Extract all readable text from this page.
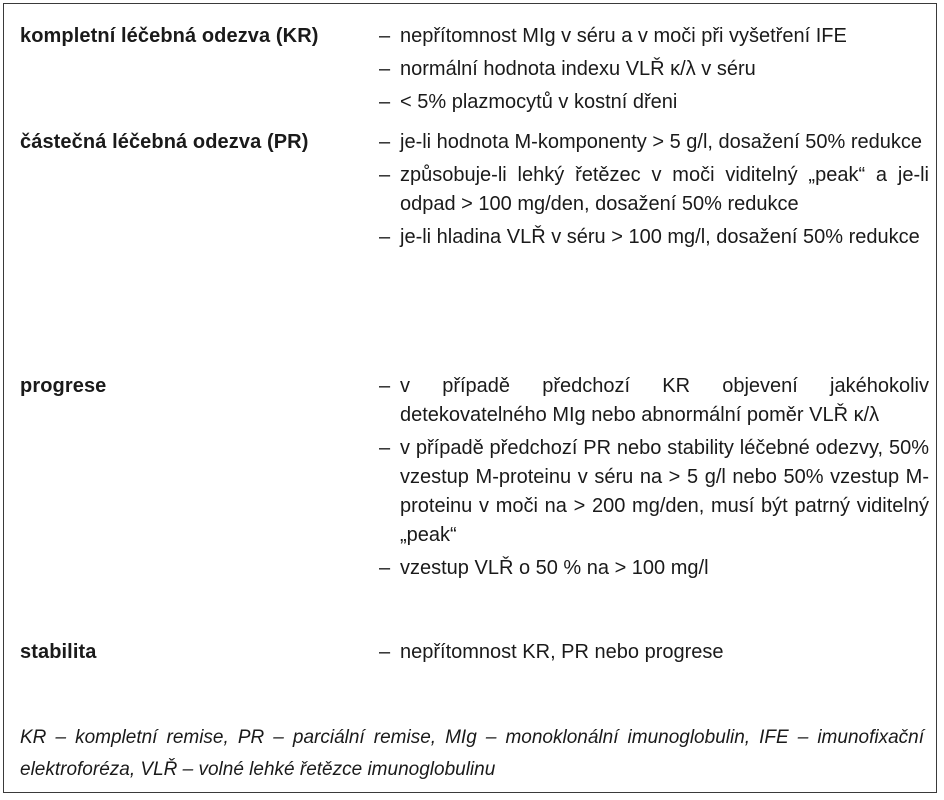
kompletní léčebná odezva (KR)	– nepřítomnost MIg v séru a v moči při vyšetření IFE
– normální hodnota indexu VLŘ κ/λ v séru
– < 5% plazmocytů v kostní dřeni
částečná léčebná odezva (PR)	– je-li hodnota M-komponenty > 5 g/l, dosažení 50% redukce
– způsobuje-li lehký řetězec v moči viditelný „peak“ a je-li odpad > 100 mg/den, dosažení 50% redukce
– je-li hladina VLŘ v séru > 100 mg/l, dosažení 50% redukce
progrese	– v případě předchozí KR objevení jakéhokoliv detekovatelného MIg nebo abnormální poměr VLŘ κ/λ
– v případě předchozí PR nebo stability léčebné odezvy, 50% vzestup M-proteinu v séru na > 5 g/l nebo 50% vzestup M-proteinu v moči na > 200 mg/den, musí být patrný viditelný „peak“
– vzestup VLŘ o 50 % na > 100 mg/l
stabilita	– nepřítomnost KR, PR nebo progrese
KR – kompletní remise, PR – parciální remise, MIg – monoklonální imunoglobulin, IFE – imunofixační elektroforéza, VLŘ – volné lehké řetězce imunoglobulinu
